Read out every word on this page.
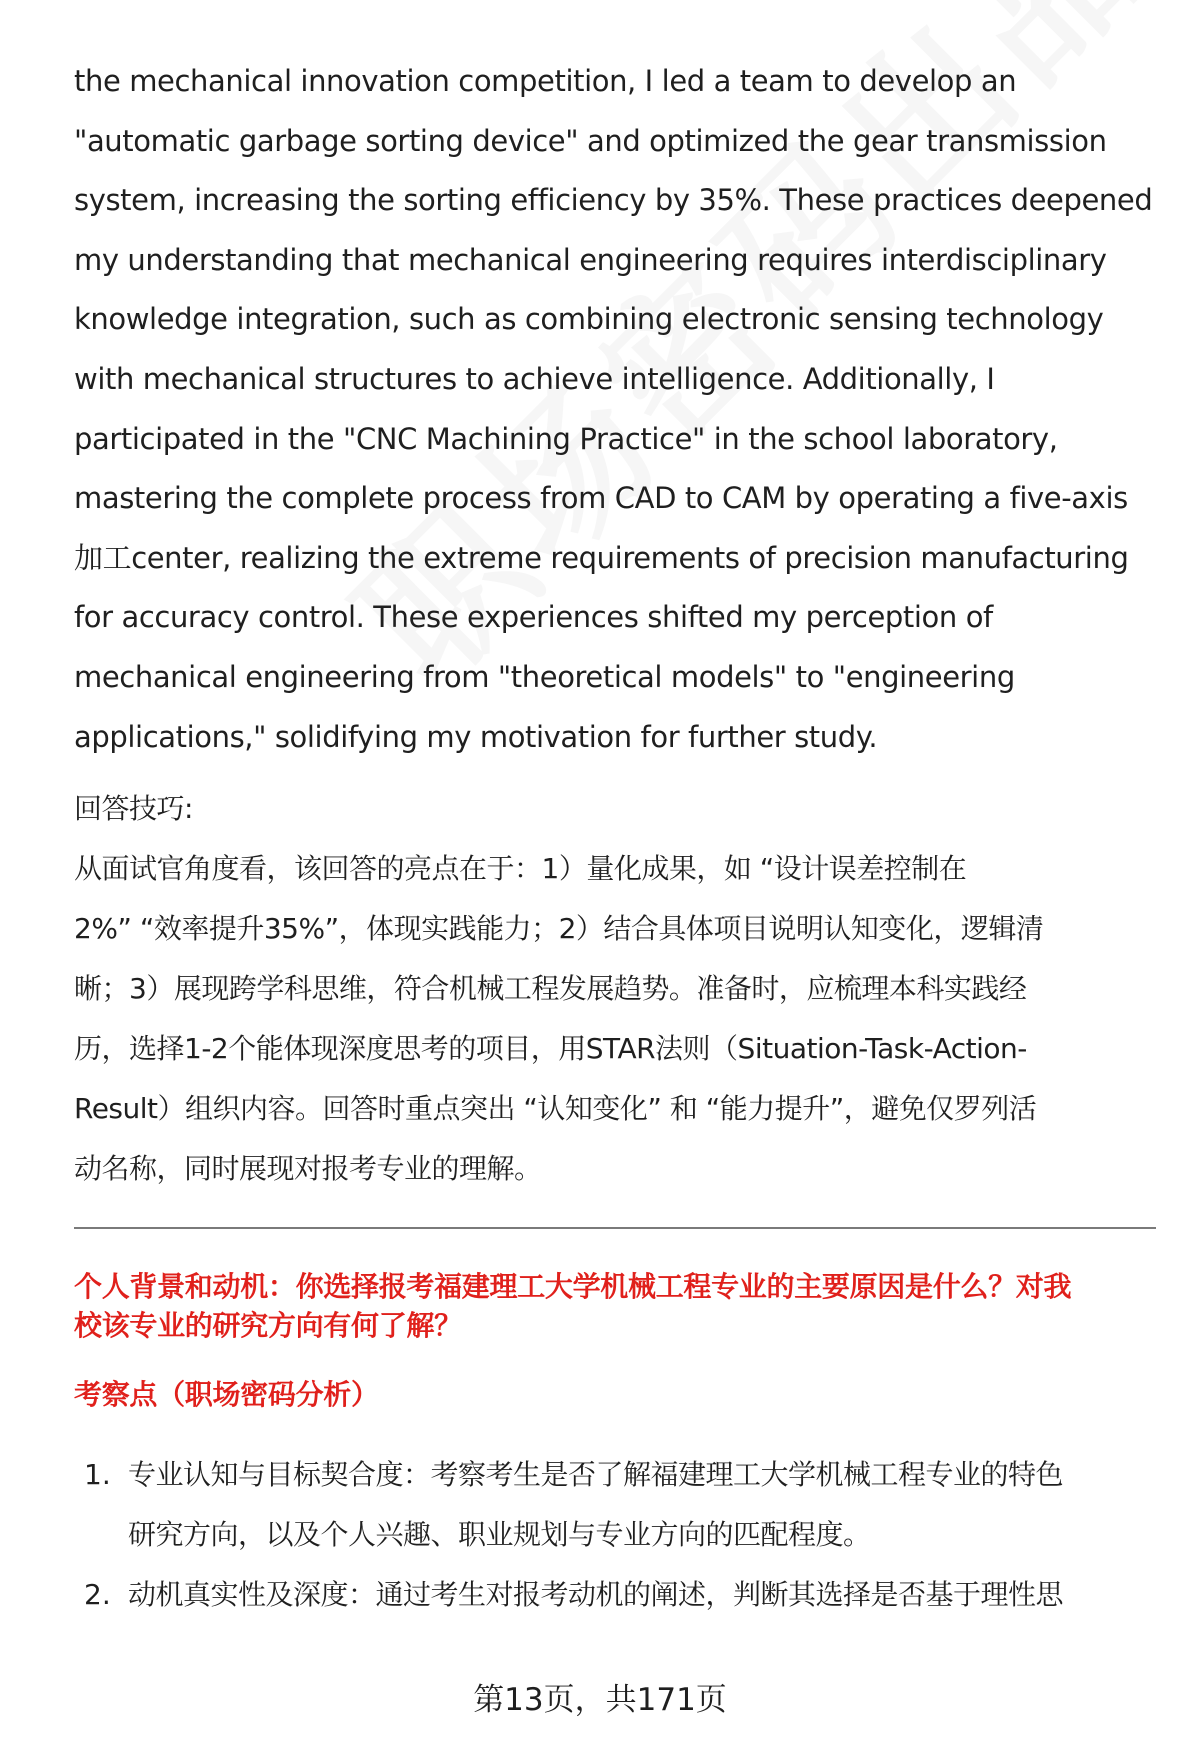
the mechanical innovation competition, I led a team to develop an

"automatic garbage sorting device" and optimized the gear transmission

system, increasing the sorting efficiency by 35%. These practices deepened

my understanding that mechanical engineering requires interdisciplinary

knowledge integration, such as combining electronic sensing technology

with mechanical structures to achieve intelligence. Additionally, I

participated in the "CNC Machining Practice" in the school laboratory,

mastering the complete process from CAD to CAM by operating a five-axis

加工center, realizing the extreme requirements of precision manufacturing

for accuracy control. These experiences shifted my perception of

mechanical engineering from "theoretical models" to "engineering

applications," solidifying my motivation for further study.

回答技巧:

从面试官角度看，该回答的亮点在于：1）量化成果，如 “设计误差控制在

2%” “效率提升35%”，体现实践能力；2）结合具体项目说明认知变化，逻辑清

晰；3）展现跨学科思维，符合机械工程发展趋势。准备时，应梳理本科实践经

历，选择1-2个能体现深度思考的项目，用STAR法则（Situation-Task-Action-

Result）组织内容。回答时重点突出 “认知变化” 和 “能力提升”，避免仅罗列活

动名称，同时展现对报考专业的理解。

个人背景和动机：你选择报考福建理工大学机械工程专业的主要原因是什么？对我

校该专业的研究方向有何了解？

考察点（职场密码分析）
1. 专业认知与目标契合度：考察考生是否了解福建理工大学机械工程专业的特色

研究方向，以及个人兴趣、职业规划与专业方向的匹配程度。

2. 动机真实性及深度：通过考生对报考动机的阐述，判断其选择是否基于理性思

第13页，共171页
